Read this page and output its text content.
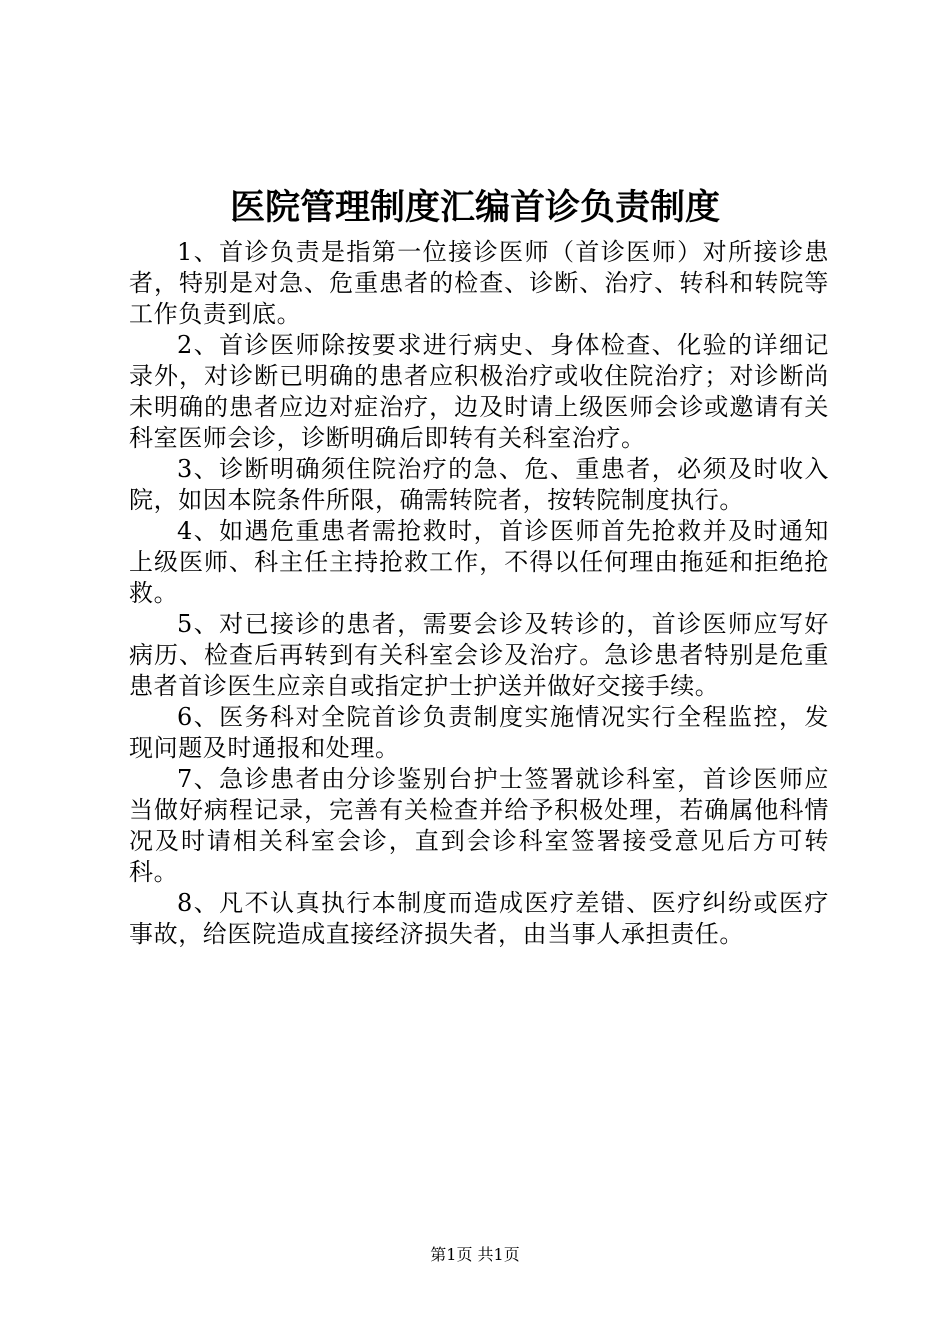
医院管理制度汇编首诊负责制度

1、首诊负责是指第一位接诊医师（首诊医师）对所接诊患者，特别是对急、危重患者的检查、诊断、治疗、转科和转院等工作负责到底。

2、首诊医师除按要求进行病史、身体检查、化验的详细记录外，对诊断已明确的患者应积极治疗或收住院治疗；对诊断尚未明确的患者应边对症治疗，边及时请上级医师会诊或邀请有关科室医师会诊，诊断明确后即转有关科室治疗。

3、诊断明确须住院治疗的急、危、重患者，必须及时收入院，如因本院条件所限，确需转院者，按转院制度执行。

4、如遇危重患者需抢救时，首诊医师首先抢救并及时通知上级医师、科主任主持抢救工作，不得以任何理由拖延和拒绝抢救。

5、对已接诊的患者，需要会诊及转诊的，首诊医师应写好病历、检查后再转到有关科室会诊及治疗。急诊患者特别是危重患者首诊医生应亲自或指定护士护送并做好交接手续。

6、医务科对全院首诊负责制度实施情况实行全程监控，发现问题及时通报和处理。

7、急诊患者由分诊鉴别台护士签署就诊科室，首诊医师应当做好病程记录，完善有关检查并给予积极处理，若确属他科情况及时请相关科室会诊，直到会诊科室签署接受意见后方可转科。

8、凡不认真执行本制度而造成医疗差错、医疗纠纷或医疗事故，给医院造成直接经济损失者，由当事人承担责任。

第1页 共1页
